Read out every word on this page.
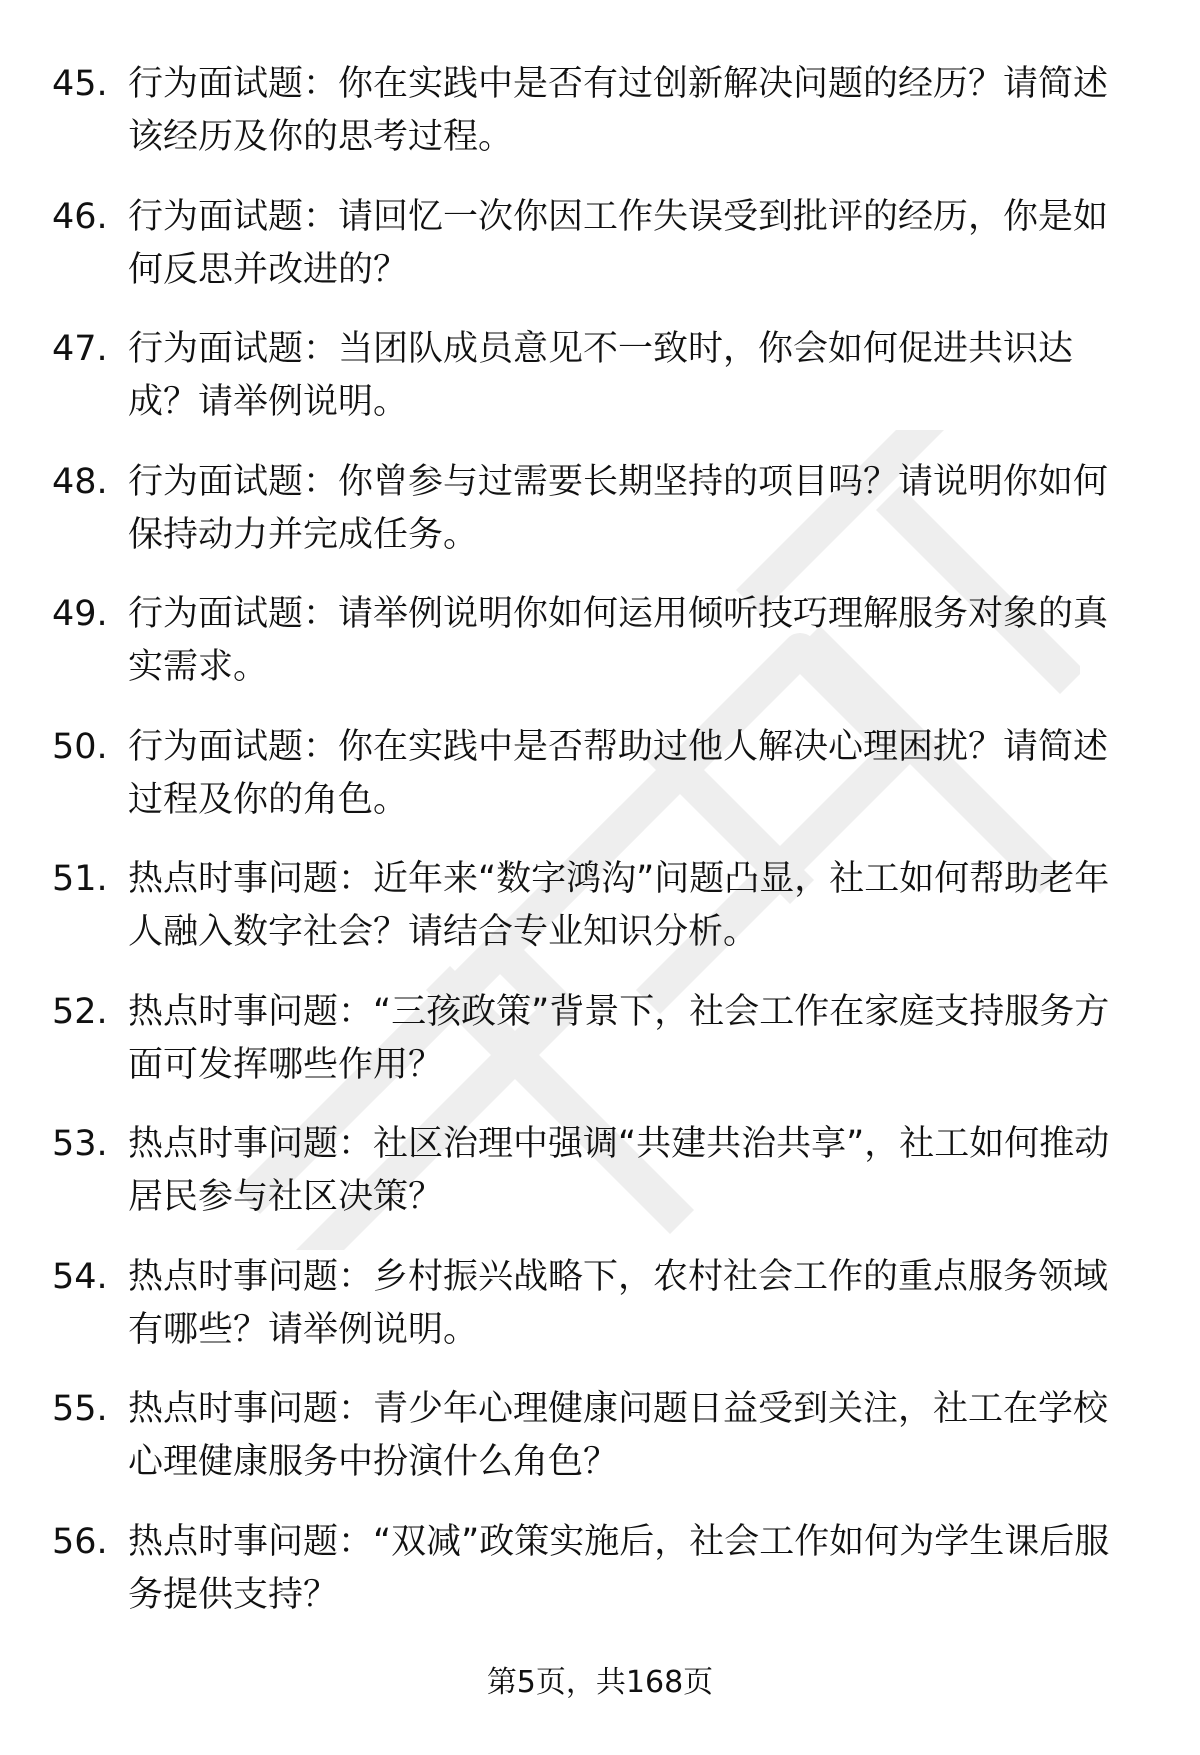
45. 行为面试题：你在实践中是否有过创新解决问题的经历？请简述该经历及你的思考过程。
46. 行为面试题：请回忆一次你因工作失误受到批评的经历，你是如何反思并改进的？
47. 行为面试题：当团队成员意见不一致时，你会如何促进共识达成？请举例说明。
48. 行为面试题：你曾参与过需要长期坚持的项目吗？请说明你如何保持动力并完成任务。
49. 行为面试题：请举例说明你如何运用倾听技巧理解服务对象的真实需求。
50. 行为面试题：你在实践中是否帮助过他人解决心理困扰？请简述过程及你的角色。
51. 热点时事问题：近年来“数字鸿沟”问题凸显，社工如何帮助老年人融入数字社会？请结合专业知识分析。
52. 热点时事问题：“三孩政策”背景下，社会工作在家庭支持服务方面可发挥哪些作用？
53. 热点时事问题：社区治理中强调“共建共治共享”，社工如何推动居民参与社区决策？
54. 热点时事问题：乡村振兴战略下，农村社会工作的重点服务领域有哪些？请举例说明。
55. 热点时事问题：青少年心理健康问题日益受到关注，社工在学校心理健康服务中扮演什么角色？
56. 热点时事问题：“双减”政策实施后，社会工作如何为学生课后服务提供支持？
第5页，共168页
